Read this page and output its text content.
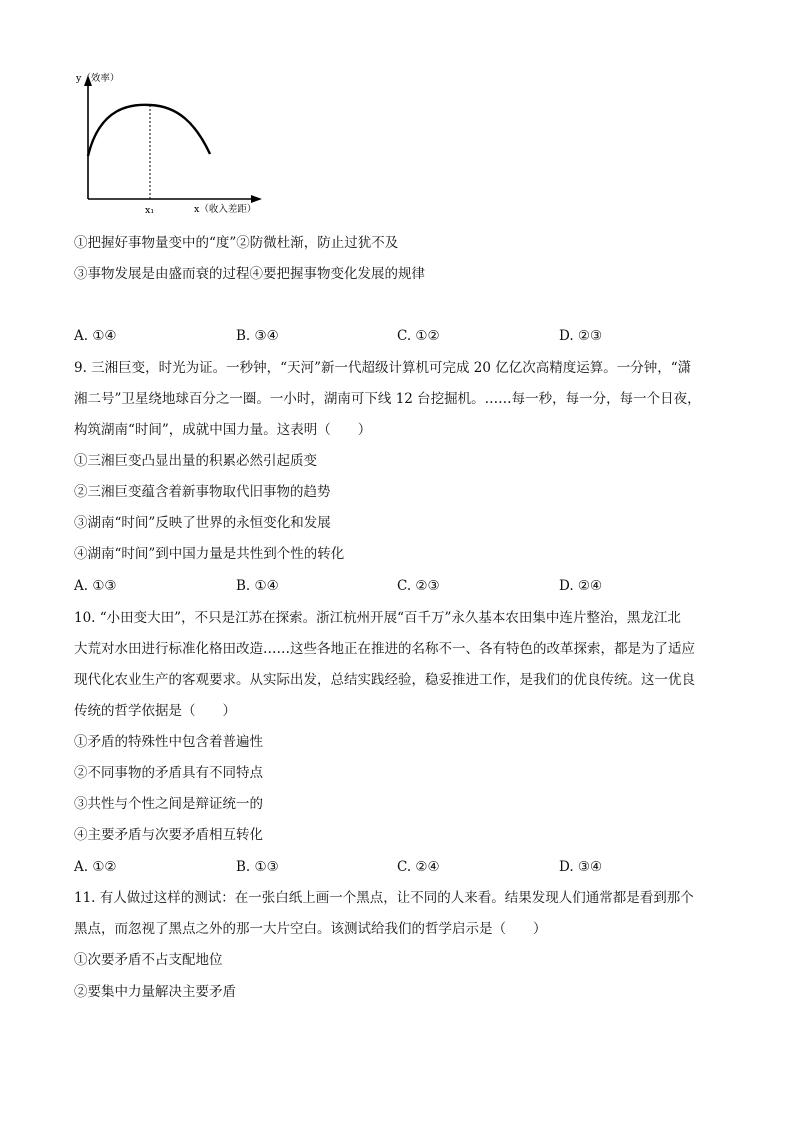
y（效率）
x₁	x（收入差距）
①把握好事物量变中的“度”②防微杜渐，防止过犹不及
③事物发展是由盛而衰的过程④要把握事物变化发展的规律
A. ①④	B. ③④	C. ①②	D. ②③
9. 三湘巨变，时光为证。一秒钟，“天河”新一代超级计算机可完成 20 亿亿次高精度运算。一分钟，“潇
湘二号”卫星绕地球百分之一圈。一小时，湖南可下线 12 台挖掘机。……每一秒，每一分，每一个日夜，
构筑湖南“时间”，成就中国力量。这表明（　　）
①三湘巨变凸显出量的积累必然引起质变
②三湘巨变蕴含着新事物取代旧事物的趋势
③湖南“时间”反映了世界的永恒变化和发展
④湖南“时间”到中国力量是共性到个性的转化
A. ①③	B. ①④	C. ②③	D. ②④
10. “小田变大田”，不只是江苏在探索。浙江杭州开展“百千万”永久基本农田集中连片整治，黑龙江北
大荒对水田进行标准化格田改造……这些各地正在推进的名称不一、各有特色的改革探索，都是为了适应
现代化农业生产的客观要求。从实际出发，总结实践经验，稳妥推进工作，是我们的优良传统。这一优良
传统的哲学依据是（　　）
①矛盾的特殊性中包含着普遍性
②不同事物的矛盾具有不同特点
③共性与个性之间是辩证统一的
④主要矛盾与次要矛盾相互转化
A. ①②	B. ①③	C. ②④	D. ③④
11. 有人做过这样的测试：在一张白纸上画一个黑点，让不同的人来看。结果发现人们通常都是看到那个
黑点，而忽视了黑点之外的那一大片空白。该测试给我们的哲学启示是（　　）
①次要矛盾不占支配地位
②要集中力量解决主要矛盾
